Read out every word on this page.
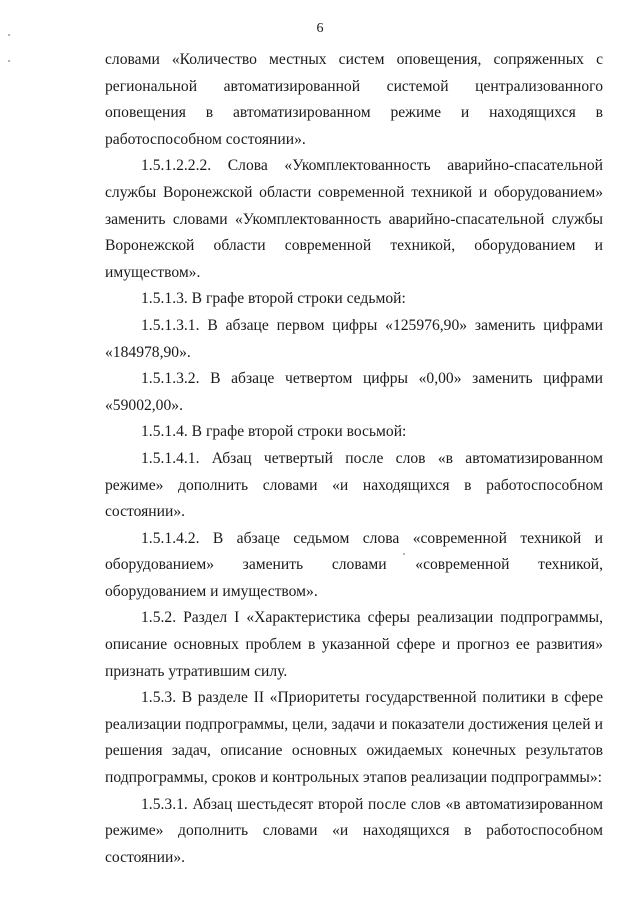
6

словами «Количество местных систем оповещения, сопряженных с региональной автоматизированной системой централизованного оповещения в автоматизированном режиме и находящихся в работоспособном состоянии».

1.5.1.2.2.2. Слова «Укомплектованность аварийно-спасательной службы Воронежской области современной техникой и оборудованием» заменить словами «Укомплектованность аварийно-спасательной службы Воронежской области современной техникой, оборудованием и имуществом».

1.5.1.3. В графе второй строки седьмой:

1.5.1.3.1. В абзаце первом цифры «125976,90» заменить цифрами «184978,90».

1.5.1.3.2. В абзаце четвертом цифры «0,00» заменить цифрами «59002,00».

1.5.1.4. В графе второй строки восьмой:

1.5.1.4.1. Абзац четвертый после слов «в автоматизированном режиме» дополнить словами «и находящихся в работоспособном состоянии».

1.5.1.4.2. В абзаце седьмом слова «современной техникой и оборудованием» заменить словами «современной техникой, оборудованием и имуществом».

1.5.2. Раздел I «Характеристика сферы реализации подпрограммы, описание основных проблем в указанной сфере и прогноз ее развития» признать утратившим силу.

1.5.3. В разделе II «Приоритеты государственной политики в сфере реализации подпрограммы, цели, задачи и показатели достижения целей и решения задач, описание основных ожидаемых конечных результатов подпрограммы, сроков и контрольных этапов реализации подпрограммы»:

1.5.3.1. Абзац шестьдесят второй после слов «в автоматизированном режиме» дополнить словами «и находящихся в работоспособном состоянии».
